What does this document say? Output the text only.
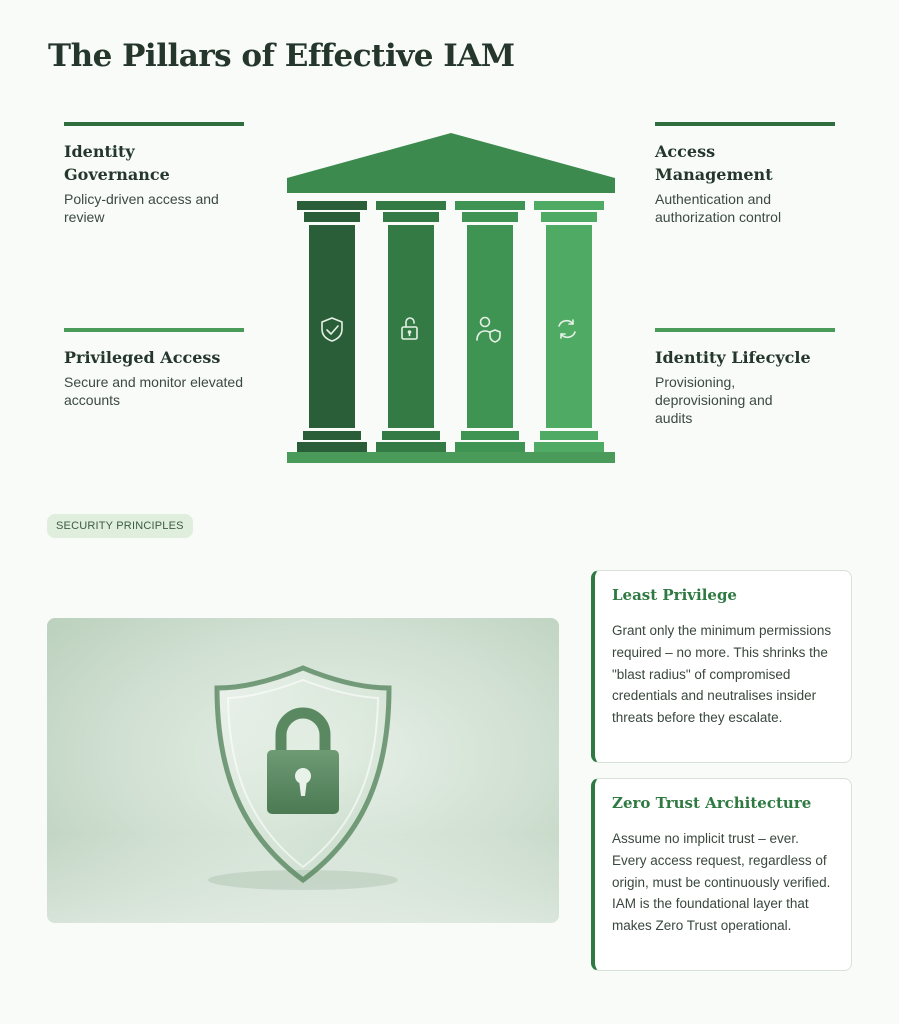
The Pillars of Effective IAM
Identity
Governance

Policy-driven access and review

Access
Management

Authentication and authorization control

Privileged Access

Secure and monitor elevated accounts

Identity Lifecycle

Provisioning, deprovisioning and audits

SECURITY PRINCIPLES
Least Privilege

Grant only the minimum permissions required – no more. This shrinks the "blast radius" of compromised credentials and neutralises insider threats before they escalate.

Zero Trust Architecture

Assume no implicit trust – ever. Every access request, regardless of origin, must be continuously verified. IAM is the foundational layer that makes Zero Trust operational.
